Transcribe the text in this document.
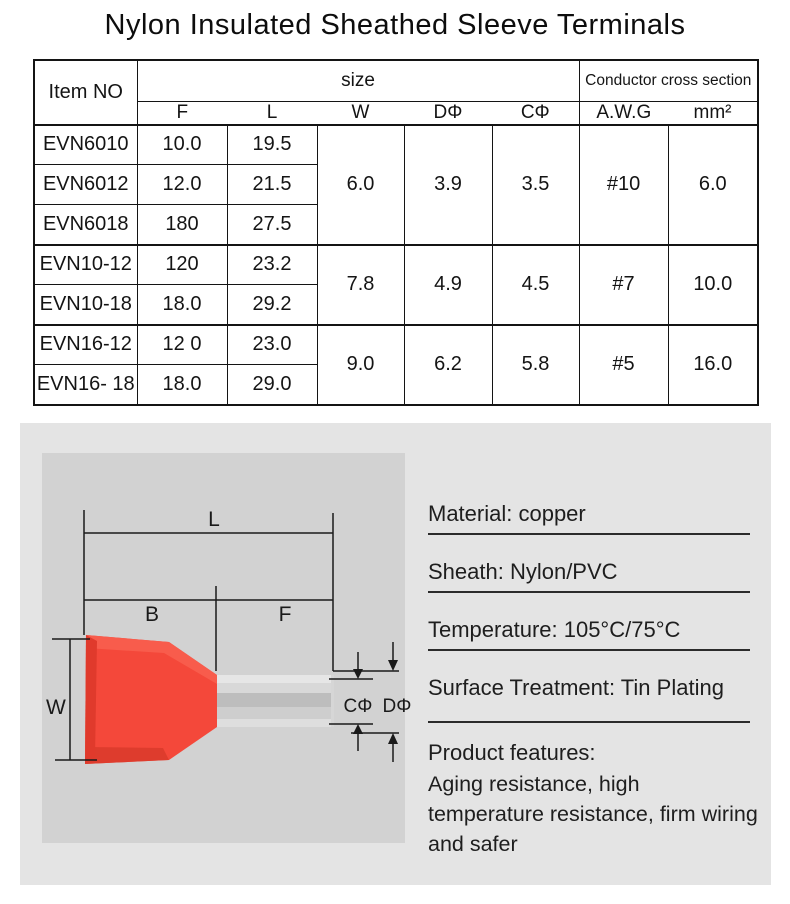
Nylon Insulated Sheathed Sleeve Terminals
Item NO	size					Conductor cross section	
	F	L	W	DΦ	CΦ	A.W.G	mm²
EVN6010	10.0	19.5	6.0	3.9	3.5	#10	6.0
EVN6012	12.0	21.5					
EVN6018	180	27.5					
EVN10-12	120	23.2	7.8	4.9	4.5	#7	10.0
EVN10-18	18.0	29.2					
EVN16-12	12 0	23.0	9.0	6.2	5.8	#5	16.0
EVN16- 18	18.0	29.0					
L
B	F
W	CΦ DΦ
Material: copper
Sheath: Nylon/PVC
Temperature: 105°C/75°C
Surface Treatment: Tin Plating
Product features:
Aging resistance, high temperature resistance, firm wiring and safer
